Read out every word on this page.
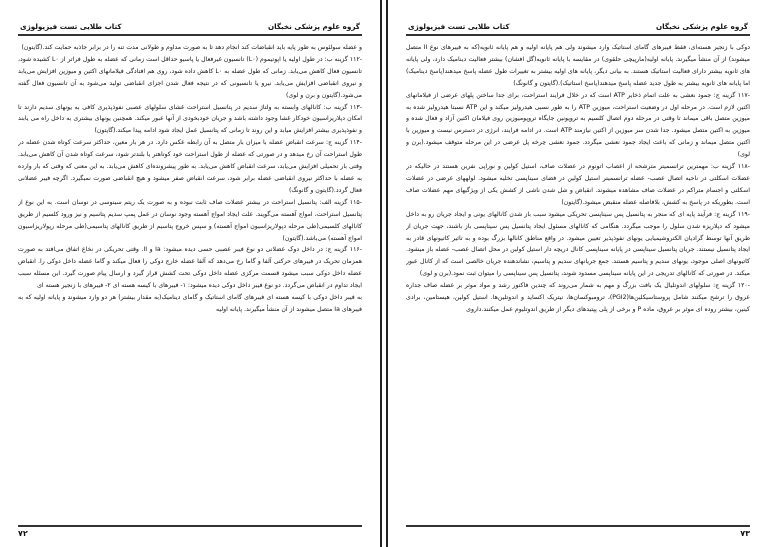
گروه علوم پزشکی نخبگان
کتاب طلایی تست فیزیولوژی

و عضله سولئوس به طور پایه باید انقباضات کند انجام دهد تا به صورت مداوم و طولانی مدت تنه را در برابر جاذبه حمایت کند.(گایتون)

-۱۱۲ گزینه ب: در طول اولیه یا اپوتیموم (L۰) تانسیون غیرفعال یا پاسیو حداقل است زمانی که عضله به طول فراتر از L۰ کشیده شود، تانسیون فعال کاهش می‌یابد. زمانی که طول عضله به L۰ کاهش داده شود، روی هم افتادگی فیلامانهای اکتین و میوزین افزایش می‌یابد و نیروی انقباضی افزایش می‌یابد. نیرو یا تانسیونی که در نتیجه فعال شدن اجزای انقباضی تولید می‌شود به آن تانسیون فعال گفته می‌شود.(گایتون و برن و لوی)

-۱۱۳ گزینه ب: کانالهای وابسته به ولتاژ سدیم در پتانسیل استراحت غشای سلولهای عصبی نفوذپذیری کافی به یونهای سدیم دارند تا امکان دپلاریزاسیون خودکار غشا وجود داشته باشد و جریان خودبخودی از آنها عبور میکند. همچنین یونهای بیشتری به داخل راه می یابند و نفوذپذیری بیشتر افزایش میابد و این روند تا زمانی که پتانسیل عمل ایجاد شود ادامه پیدا میکند.(گایتون)

-۱۱۴ گزینه ج: سرعت انقباض عضله با میزان بار متصل به آن رابطه عکس دارد. در هر بار معین، حداکثر سرعت کوتاه شدن عضله در طول استراحت آن رخ میدهد و در صورتی که عضله از طول استراحت خود کوتاهتر یا بلندتر شود، سرعت کوتاه شدن آن کاهش می‌یابد. وقتی بار تحمیلی افزایش می‌یابد، سرعت انقباض کاهش می‌یابد. به طور پیشرونده‌ای کاهش می‌یابد. به این معنی که وقتی که بار وارده به عضله با حداکثر نیروی انقباضی عضله برابر شود، سرعت انقباض صفر میشود و هیچ انقباضی صورت نمیگیرد. اگرچه فیبر عضلانی فعال گردد.(گایتون و گانونگ)

-۱۱۵ گزینه الف: پتانسیل استراحت در بیشتر عضلات صاف ثابت نبوده و به صورت یک ریتم سینوسی در نوسان است. به این نوع از پتانسیل استراحت، امواج آهسته می‌گویند. علت ایجاد امواج آهسته وجود نوسان در عمل پمپ سدیم پتاسیم و نیز ورود کلسیم از طریق کانالهای کلسیمی(طی مرحله دپولاریزاسیون امواج آهسته) و سپس خروج پتاسیم از طریق کانالهای پتاسیمی(طی مرحله رپولاریزاسیون امواج آهسته) می‌باشد.(گایتون)

-۱۱۶ گزینه ج: در داخل دوک عضلانی دو نوع فیبر عصبی حسی دیده میشود: Ia و II. وقتی تحریکی در نخاع اتفاق می‌افتد به صورت همزمان تحریک در فیبرهای حرکتی آلفا و گاما رخ می‌دهد که آلفا عضله خارج دوکی را فعال میکند و گاما عضله داخل دوکی را. انقباض عضله داخل دوکی سبب میشود قسمت مرکزی عضله داخل دوکی تحت کشش قرار گیرد و ارسال پیام صورت گیرد. این مسئله سبب ایجاد تداوم در انقباض می‌گردد. دو نوع فیبر داخل دوکی دیده میشود: ۱- فیبرهای با کیسه هسته ای ۲- فیبرهای با زنجیر هسته ای

به فیبر داخل دوکی با کیسه هسته ای فیبرهای گامای استاتیک و گامای دینامیک(به مقدار بیشتر) هر دو وارد میشوند و پایانه اولیه که به فیبرهای Ia متصل میشوند از آن منشأ میگیرند. پایانه اولیه

۷۲
گروه علوم پزشکی نخبگان
کتاب طلایی تست فیزیولوژی

دوکی با زنجیر هسته‌ای، فقط فیبرهای گامای استاتیک وارد میشوند ولی هم پایانه اولیه و هم پایانه ثانویه(که به فیبرهای نوع II متصل میشوند) از آن منشأ میگیرند. پایانه اولیه(مارپیچی حلقوی) در مقایسه با پایانه ثانویه(گل افشان) بیشتر فعالیت دینامیک دارد، ولی پایانه های ثانویه بیشتر دارای فعالیت استاتیک هستند. به بیانی دیگر، پایانه های اولیه بیشتر به تغییرات طول عضله پاسخ میدهند(پاسخ دینامیک) اما پایانه های ثانویه بیشتر به طول جدید عضله پاسخ میدهند(پاسخ استاتیک).(گایتون و گانونگ)

-۱۱۷ گزینه ج: جمود نعشی به علت اتمام ذخایر ATP است که در خلال فرایند استراحت، برای جدا ساختن پلهای عرضی از فیلامانهای اکتین لازم است. در مرحله اول در وضعیت استراحت، میوزین ATP را به طور نسبی هیدرولیز میکند و این ATP نسبتا هیدرولیز شده به میوزین متصل باقی میماند تا وقتی در مرحله دوم اتصال کلسیم به تروپونین جایگاه تروپومیوزین روی فیلامان اکتین آزاد و فعال شده و میوزین به اکتین متصل میشود. جدا شدن سر میوزین از اکتین نیازمند ATP است. در ادامه فرایند، انرژی در دسترس نیست و میوزین با اکتین متصل میماند و زمانی که باعث ایجاد جمود نعشی میگردد. جمود نعشی چرخه پل عرضی در این مرحله متوقف میشود.(برن و لوی)

-۱۱۸ گزینه ب: مهمترین ترانسمیتر مترشحه از اعصاب اتونوم در عضلات صاف، استیل کولین و نوراپی نفرین هستند در حالیکه در عضلات اسکلتی در ناحیه اتصال عصب- عضله ترانسمیتر استیل کولین در فضای سیناپسی تخلیه میشود. لولههای عرضی در عضلات اسکلتی و اجسام متراکم در عضلات صاف مشاهده میشوند. انقباض و شل شدن ناشی از کشش یکی از ویژگیهای مهم عضلات صاف است. بطوریکه در پاسخ به کشش، بلافاصله عضله منقبض میشود.(گایتون)

-۱۱۹ گزینه ج: فرآیند پایه ای که منجر به پتانسیل پس سیناپسی تحریکی میشود سبب باز شدن کانالهای یونی و ایجاد جریان رو به داخل میشود که دپلاریزه شدن سلول را موجب میگردد. هنگامی که کانالهای مسئول ایجاد پتانسیل پس سیناپسی باز باشند، جهت جریان از طریق آنها توسط گرادیان الکتروشیمیایی یونهای نفوذپذیر تعیین میشود. در واقع مناطق کانالها بزرگ بوده و به تاثیر کاتیونهای قادر به ایجاد پتانسیل نیستند. جریان پتانسیل سیناپسی در پایانه سیناپسی کانال دریچه دار استیل کولین در محل اتصال عصب- عضله باز میشود. کاتیونهای اصلی موجود، یونهای سدیم و پتاسیم هستند. جمع جریانهای سدیم و پتاسیم، نشاندهنده جریان خالصی است که از کانال عبور میکند. در صورتی که کانالهای تدریجی در این پایانه سیناپسی مسدود شوند، پتانسیل پس سیناپسی را میتوان ثبت نمود.(برن و لوی)

-۱۲۰ گزینه ج: سلولهای اندوتلیال یک بافت بزرگ و مهم به شمار می‌روند که چندین فاکتور رشد و مواد موثر بر عضله صاف جداره عروق را ترشح میکنند شامل پروستاسیکلین‌ها(PGI2)، ترومبوکسان‌ها، نیتریک اکساید و اندوتلین‌ها. استیل کولین، هیستامین، برادی کینین، بیشتر روده ای موثر بر عروق، ماده P و برخی از پلی پپتیدهای دیگر از طریق اندوتلیوم عمل میکنند.داروی

۷۳
